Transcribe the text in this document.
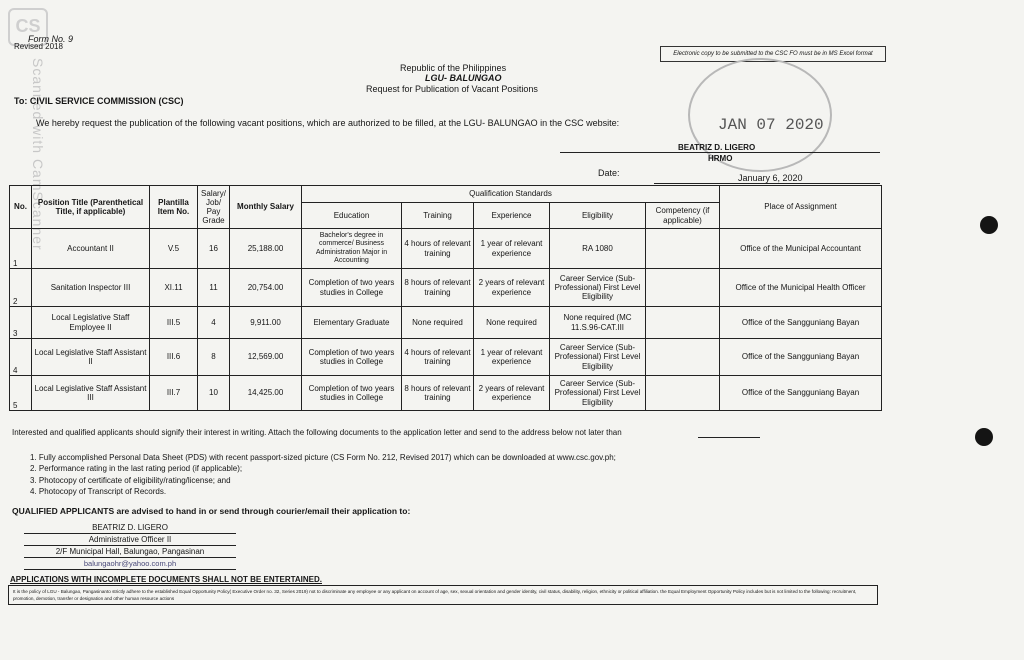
CS
Scanned with CamScanner
Form No. 9
Revised 2018
Republic of the Philippines
LGU- BALUNGAO
Request for Publication of Vacant Positions
Electronic copy to be submitted to the CSC FO must be in MS Excel format
JAN 07 2020
To: CIVIL SERVICE COMMISSION (CSC)
We hereby request the publication of the following vacant positions, which are authorized to be filled, at the LGU- BALUNGAO in the CSC website:
BEATRIZ D. LIGERO
HRMO
Date:	January 6, 2020
No.	Position Title (Parenthetical Title, if applicable)	Plantilla Item No.	Salary/ Job/ Pay Grade	Monthly Salary	Qualification Standards					Place of Assignment
					Education	Training	Experience	Eligibility	Competency (if applicable)	
1	Accountant II	V.5	16	25,188.00	Bachelor's degree in commerce/ Business Administration Major in Accounting	4 hours of relevant training	1 year of relevant experience	RA 1080		Office of the Municipal Accountant
2	Sanitation Inspector III	XI.11	11	20,754.00	Completion of two years studies in College	8 hours of relevant training	2 years of relevant experience	Career Service (Sub-Professional) First Level Eligibility		Office of the Municipal Health Officer
3	Local Legislative Staff Employee II	III.5	4	9,911.00	Elementary Graduate	None required	None required	None required (MC 11.S.96-CAT.III		Office of the Sangguniang Bayan
4	Local Legislative Staff Assistant II	III.6	8	12,569.00	Completion of two years studies in College	4 hours of relevant training	1 year of relevant experience	Career Service (Sub-Professional) First Level Eligibility		Office of the Sangguniang Bayan
5	Local Legislative Staff Assistant III	III.7	10	14,425.00	Completion of two years studies in College	8 hours of relevant training	2 years of relevant experience	Career Service (Sub-Professional) First Level Eligibility		Office of the Sangguniang Bayan
Interested and qualified applicants should signify their interest in writing. Attach the following documents to the application letter and send to the address below not later than
1. Fully accomplished Personal Data Sheet (PDS) with recent passport-sized picture (CS Form No. 212, Revised 2017) which can be downloaded at www.csc.gov.ph;
2. Performance rating in the last rating period (if applicable);
3. Photocopy of certificate of eligibility/rating/license; and
4. Photocopy of Transcript of Records.
QUALIFIED APPLICANTS are advised to hand in or send through courier/email their application to:
BEATRIZ D. LIGERO
Administrative Officer II
2/F Municipal Hall, Balungao, Pangasinan
balungaohr@yahoo.com.ph
APPLICATIONS WITH INCOMPLETE DOCUMENTS SHALL NOT BE ENTERTAINED.
It is the policy of LGU - Balungao, Pangasinanto strictly adhere to the established Equal Opportunity Policy( Executive Order no. 32, Series 2019) not to discriminate any employee or any applicant on account of age, sex, sexual orientation and gender identity, civil status, disability, religion, ethnicity or political affiliation. the Equal Employment Opportunity Policy includes but is not limited to the following: recruitment, promotion, demotion, transfer or designation and other human resource actions
